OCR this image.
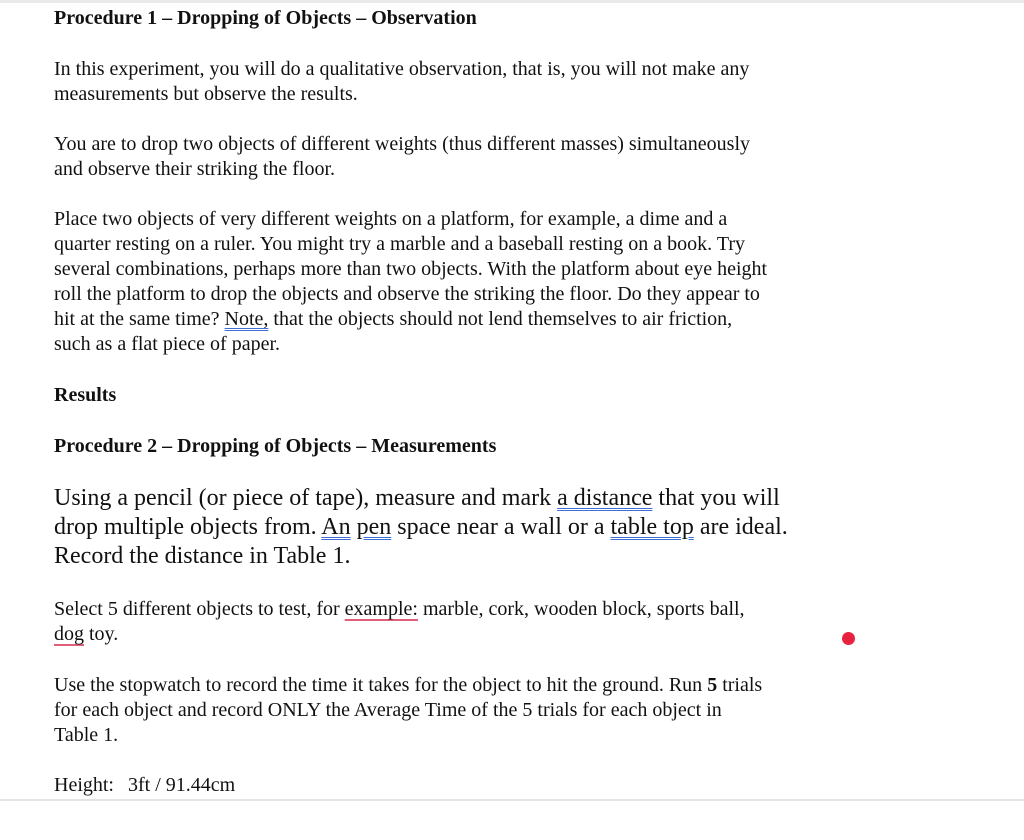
Procedure 1 – Dropping of Objects – Observation
In this experiment, you will do a qualitative observation, that is, you will not make any
measurements but observe the results.
You are to drop two objects of different weights (thus different masses) simultaneously
and observe their striking the floor.
Place two objects of very different weights on a platform, for example, a dime and a
quarter resting on a ruler. You might try a marble and a baseball resting on a book. Try
several combinations, perhaps more than two objects. With the platform about eye height
roll the platform to drop the objects and observe the striking the floor. Do they appear to
hit at the same time? Note, that the objects should not lend themselves to air friction,
such as a flat piece of paper.
Results
Procedure 2 – Dropping of Objects – Measurements
Using a pencil (or piece of tape), measure and mark a distance that you will
drop multiple objects from. An pen space near a wall or a table top are ideal.
Record the distance in Table 1.
Select 5 different objects to test, for example: marble, cork, wooden block, sports ball,
dog toy.
Use the stopwatch to record the time it takes for the object to hit the ground. Run 5 trials
for each object and record ONLY the Average Time of the 5 trials for each object in
Table 1.
Height: 3ft / 91.44cm
